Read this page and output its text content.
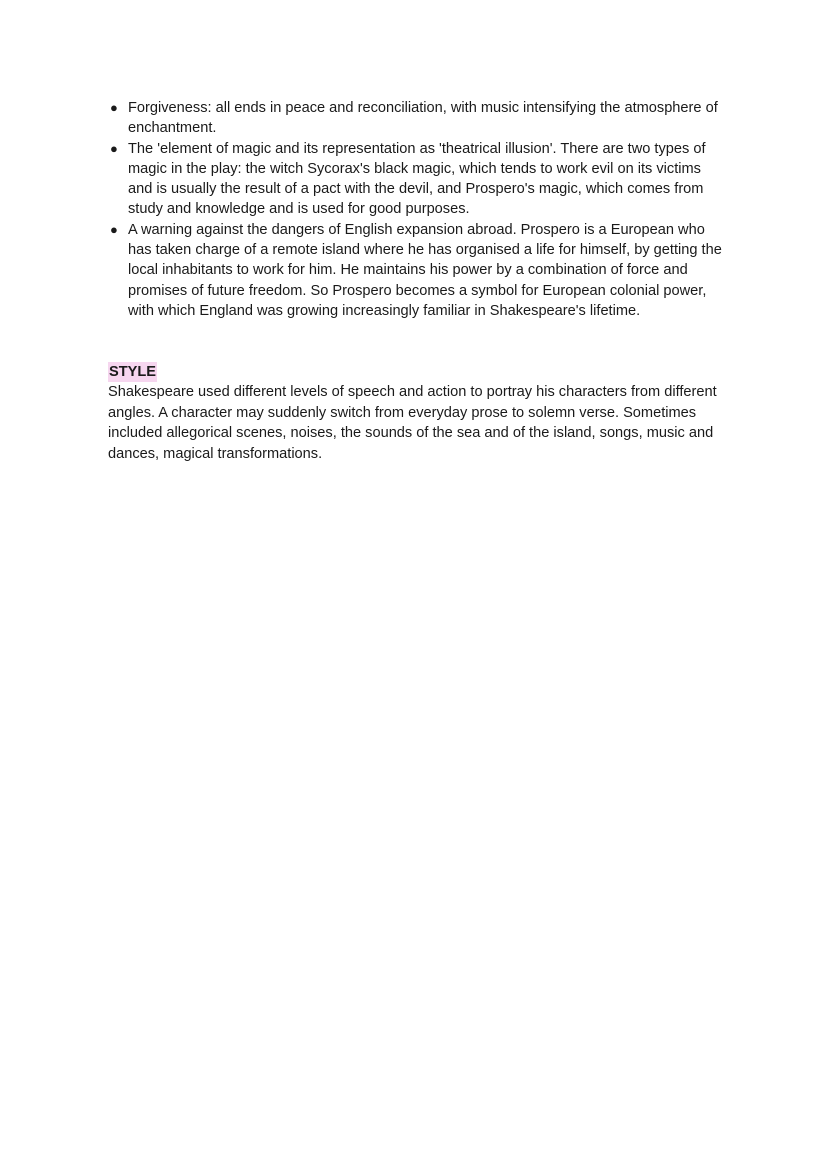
● Forgiveness: all ends in peace and reconciliation, with music intensifying the atmosphere of enchantment.
● The 'element of magic and its representation as 'theatrical illusion'. There are two types of magic in the play: the witch Sycorax's black magic, which tends to work evil on its victims and is usually the result of a pact with the devil, and Prospero's magic, which comes from study and knowledge and is used for good purposes.
● A warning against the dangers of English expansion abroad. Prospero is a European who has taken charge of a remote island where he has organised a life for himself, by getting the local inhabitants to work for him. He maintains his power by a combination of force and promises of future freedom. So Prospero becomes a symbol for European colonial power, with which England was growing increasingly familiar in Shakespeare's lifetime.
STYLE

Shakespeare used different levels of speech and action to portray his characters from different angles. A character may suddenly switch from everyday prose to solemn verse. Sometimes included allegorical scenes, noises, the sounds of the sea and of the island, songs, music and dances, magical transformations.
